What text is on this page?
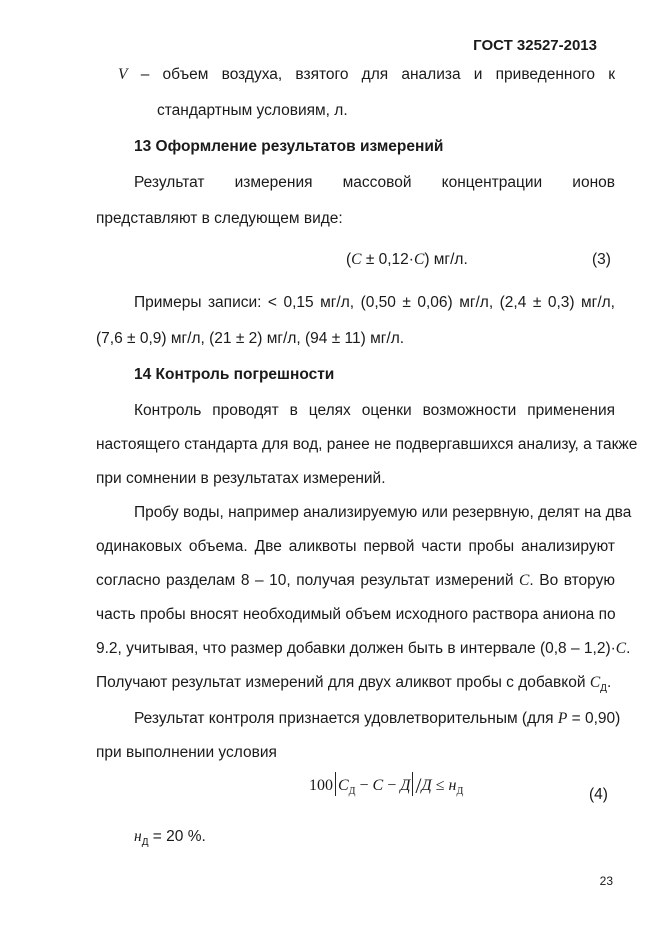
ГОСТ 32527-2013
V – объем воздуха, взятого для анализа и приведенного к
стандартным условиям, л.
13 Оформление результатов измерений
Результат измерения массовой концентрации ионов
представляют в следующем виде:
(C ± 0,12·C) мг/л.	(3)
Примеры записи: < 0,15 мг/л, (0,50 ± 0,06) мг/л, (2,4 ± 0,3) мг/л,
(7,6 ± 0,9) мг/л, (21 ± 2) мг/л, (94 ± 11) мг/л.
14 Контроль погрешности
Контроль проводят в целях оценки возможности применения
настоящего стандарта для вод, ранее не подвергавшихся анализу, а также
при сомнении в результатах измерений.
Пробу воды, например анализируемую или резервную, делят на два
одинаковых объема. Две аликвоты первой части пробы анализируют
согласно разделам 8 – 10, получая результат измерений C. Во вторую
часть пробы вносят необходимый объем исходного раствора аниона по
9.2, учитывая, что размер добавки должен быть в интервале (0,8 – 1,2)·C.
Получают результат измерений для двух аликвот пробы с добавкой $C_Д$.
Результат контроля признается удовлетворительным (для P = 0,90)
при выполнении условия
100 $C_Д - C - Д$ $/Д \le н_Д$	(4)
$н_Д = 20$ %.
23
